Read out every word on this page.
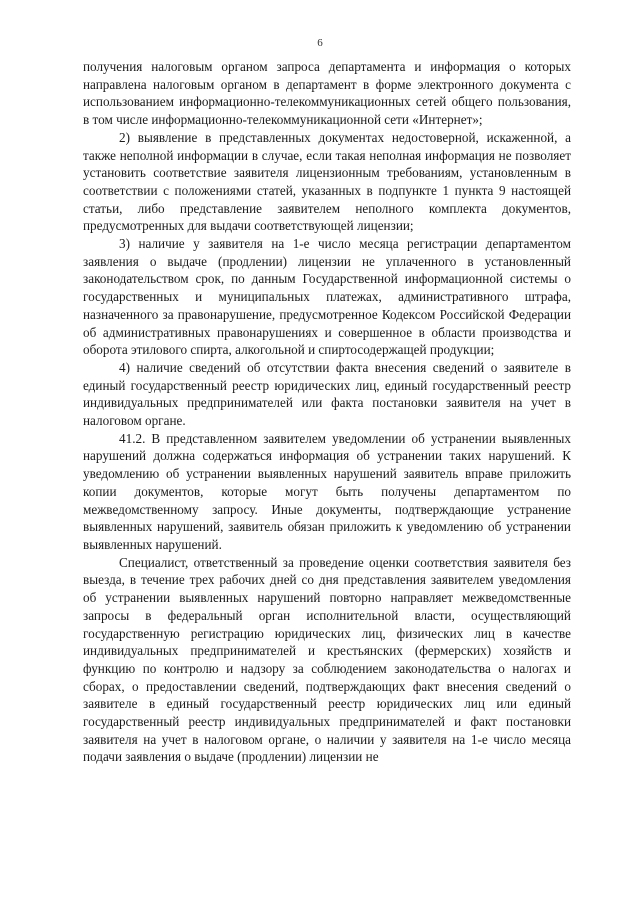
6

получения налоговым органом запроса департамента и информация о которых направлена налоговым органом в департамент в форме электронного документа с использованием информационно-телекоммуникационных сетей общего пользования, в том числе информационно-телекоммуникационной сети «Интернет»;

2) выявление в представленных документах недостоверной, искаженной, а также неполной информации в случае, если такая неполная информация не позволяет установить соответствие заявителя лицензионным требованиям, установленным в соответствии с положениями статей, указанных в подпункте 1 пункта 9 настоящей статьи, либо представление заявителем неполного комплекта документов, предусмотренных для выдачи соответствующей лицензии;

3) наличие у заявителя на 1-е число месяца регистрации департаментом заявления о выдаче (продлении) лицензии не уплаченного в установленный законодательством срок, по данным Государственной информационной системы о государственных и муниципальных платежах, административного штрафа, назначенного за правонарушение, предусмотренное Кодексом Российской Федерации об административных правонарушениях и совершенное в области производства и оборота этилового спирта, алкогольной и спиртосодержащей продукции;

4) наличие сведений об отсутствии факта внесения сведений о заявителе в единый государственный реестр юридических лиц, единый государственный реестр индивидуальных предпринимателей или факта постановки заявителя на учет в налоговом органе.

41.2. В представленном заявителем уведомлении об устранении выявленных нарушений должна содержаться информация об устранении таких нарушений. К уведомлению об устранении выявленных нарушений заявитель вправе приложить копии документов, которые могут быть получены департаментом по межведомственному запросу. Иные документы, подтверждающие устранение выявленных нарушений, заявитель обязан приложить к уведомлению об устранении выявленных нарушений.

Специалист, ответственный за проведение оценки соответствия заявителя без выезда, в течение трех рабочих дней со дня представления заявителем уведомления об устранении выявленных нарушений повторно направляет межведомственные запросы в федеральный орган исполнительной власти, осуществляющий государственную регистрацию юридических лиц, физических лиц в качестве индивидуальных предпринимателей и крестьянских (фермерских) хозяйств и функцию по контролю и надзору за соблюдением законодательства о налогах и сборах, о предоставлении сведений, подтверждающих факт внесения сведений о заявителе в единый государственный реестр юридических лиц или единый государственный реестр индивидуальных предпринимателей и факт постановки заявителя на учет в налоговом органе, о наличии у заявителя на 1-е число месяца подачи заявления о выдаче (продлении) лицензии не
